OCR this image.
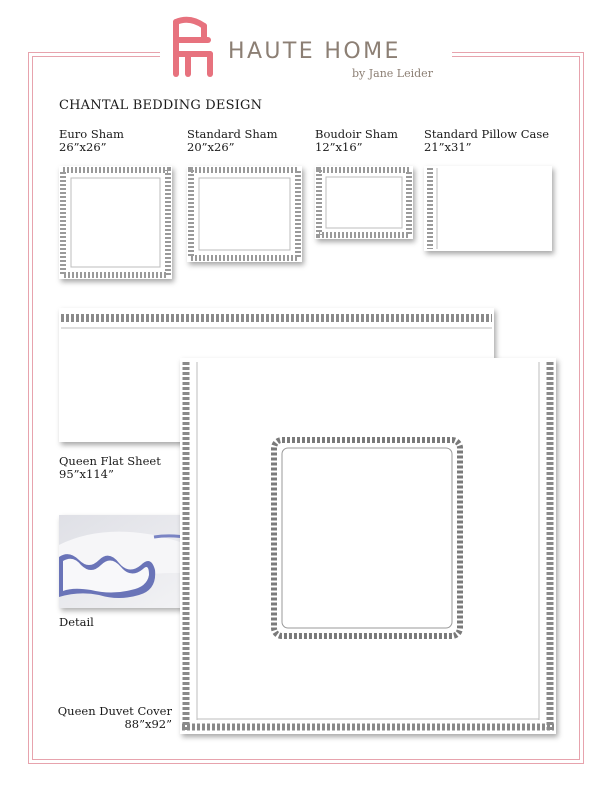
HAUTE HOME
by Jane Leider
CHANTAL BEDDING DESIGN
Euro Sham
26”x26”
Standard Sham
20”x26”
Boudoir Sham
12”x16”
Standard Pillow Case
21”x31”
Queen Flat Sheet
95”x114”
Detail
Queen Duvet Cover
88”x92”
